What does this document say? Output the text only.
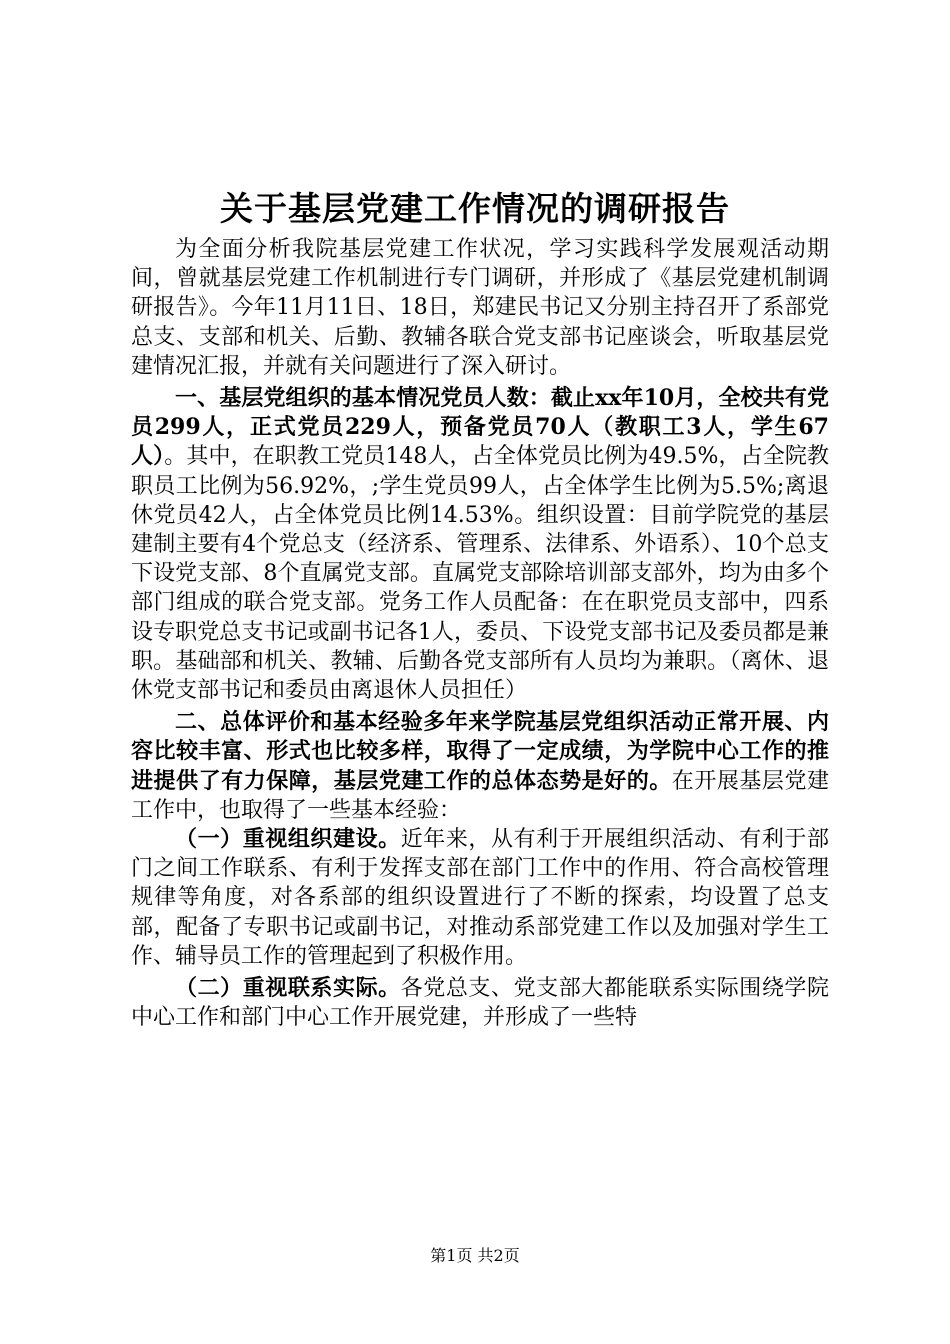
关于基层党建工作情况的调研报告

为全面分析我院基层党建工作状况，学习实践科学发展观活动期间，曾就基层党建工作机制进行专门调研，并形成了《基层党建机制调研报告》。今年11月11日、18日，郑建民书记又分别主持召开了系部党总支、支部和机关、后勤、教辅各联合党支部书记座谈会，听取基层党建情况汇报，并就有关问题进行了深入研讨。

一、基层党组织的基本情况党员人数：截止xx年10月，全校共有党员299人，正式党员229人，预备党员70人（教职工3人，学生67人）。其中，在职教工党员148人，占全体党员比例为49.5%，占全院教职员工比例为56.92%，;学生党员99人，占全体学生比例为5.5%;离退休党员42人，占全体党员比例14.53%。组织设置：目前学院党的基层建制主要有4个党总支（经济系、管理系、法律系、外语系）、10个总支下设党支部、8个直属党支部。直属党支部除培训部支部外，均为由多个部门组成的联合党支部。党务工作人员配备：在在职党员支部中，四系设专职党总支书记或副书记各1人，委员、下设党支部书记及委员都是兼职。基础部和机关、教辅、后勤各党支部所有人员均为兼职。（离休、退休党支部书记和委员由离退休人员担任）

二、总体评价和基本经验多年来学院基层党组织活动正常开展、内容比较丰富、形式也比较多样，取得了一定成绩，为学院中心工作的推进提供了有力保障，基层党建工作的总体态势是好的。在开展基层党建工作中，也取得了一些基本经验：

（一）重视组织建设。近年来，从有利于开展组织活动、有利于部门之间工作联系、有利于发挥支部在部门工作中的作用、符合高校管理规律等角度，对各系部的组织设置进行了不断的探索，均设置了总支部，配备了专职书记或副书记，对推动系部党建工作以及加强对学生工作、辅导员工作的管理起到了积极作用。

（二）重视联系实际。各党总支、党支部大都能联系实际围绕学院中心工作和部门中心工作开展党建，并形成了一些特

第1页 共2页
